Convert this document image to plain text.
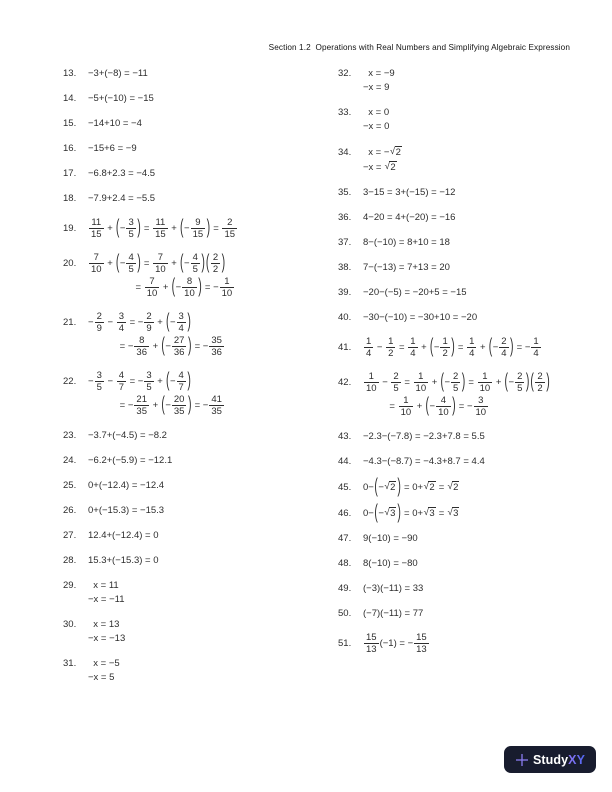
Section 1.2  Operations with Real Numbers and Simplifying Algebraic Expression

13.	−3+(−8) = −11
14.	−5+(−10) = −15
15.	−14+10 = −4
16.	−15+6 = −9
17.	−6.8+2.3 = −4.5
18.	−7.9+2.4 = −5.5
19.	$\frac{11}{15}$ + ( − $\frac{3}{5}$ ) = $\frac{11}{15}$ + ( − $\frac{9}{15}$ ) = $\frac{2}{15}$
20.	$\frac{7}{10}$ + ( − $\frac{4}{5}$ ) = $\frac{7}{10}$ + ( − $\frac{4}{5}$ ) ( $\frac{2}{2}$ )
= $\frac{7}{10}$ + ( − $\frac{8}{10}$ ) = − $\frac{1}{10}$
21.	− $\frac{2}{9} - \frac{3}{4}$ = − $\frac{2}{9}$ + ( − $\frac{3}{4}$ )
= − $\frac{8}{36}$ + ( − $\frac{27}{36}$ ) = − $\frac{35}{36}$
22.	− $\frac{3}{5} - \frac{4}{7}$ = − $\frac{3}{5}$ + ( − $\frac{4}{7}$ )
= − $\frac{21}{35}$ + ( − $\frac{20}{35}$ ) = − $\frac{41}{35}$
23.	−3.7+(−4.5) = −8.2
24.	−6.2+(−5.9) = −12.1
25.	0+(−12.4) = −12.4
26.	0+(−15.3) = −15.3
27.	12.4+(−12.4) = 0
28.	15.3+(−15.3) = 0
29.	x = 11
−x = −11
30.	x = 13
−x = −13
31.	x = −5
−x = 5
32.	x = −9
−x = 9
33.	x = 0
−x = 0
34.	x = − √ 2
−x = √ 2
35.	3−15 = 3+(−15) = −12
36.	4−20 = 4+(−20) = −16
37.	8−(−10) = 8+10 = 18
38.	7−(−13) = 7+13 = 20
39.	−20−(−5) = −20+5 = −15
40.	−30−(−10) = −30+10 = −20
41.	$\frac{1}{4} - \frac{1}{2} = \frac{1}{4}$ + ( − $\frac{1}{2}$ ) = $\frac{1}{4}$ + ( − $\frac{2}{4}$ ) = − $\frac{1}{4}$
42.	$\frac{1}{10} - \frac{2}{5} = \frac{1}{10}$ + ( − $\frac{2}{5}$ ) = $\frac{1}{10}$ + ( − $\frac{2}{5}$ ) ( $\frac{2}{2}$ )
= $\frac{1}{10}$ + ( − $\frac{4}{10}$ ) = − $\frac{3}{10}$
43.	−2.3−(−7.8) = −2.3+7.8 = 5.5
44.	−4.3−(−8.7) = −4.3+8.7 = 4.4
45.	0− ( − √ 2 ) = 0+ √ 2 = √ 2
46.	0− ( − √ 3 ) = 0+ √ 3 = √ 3
47.	9(−10) = −90
48.	8(−10) = −80
49.	(−3)(−11) = 33
50.	(−7)(−11) = 77
51.	$\frac{15}{13} (-1)$ = − $\frac{15}{13}$
StudyXY
